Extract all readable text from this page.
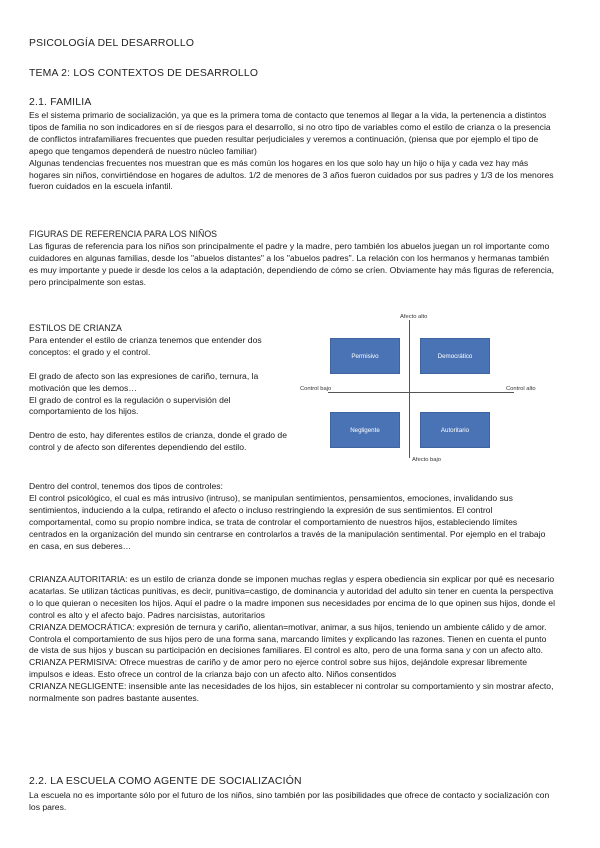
PSICOLOGÍA DEL DESARROLLO
TEMA 2: LOS CONTEXTOS DE DESARROLLO
2.1. FAMILIA

Es el sistema primario de socialización, ya que es la primera toma de contacto que tenemos al llegar a la vida, la pertenencia a distintos tipos de familia no son indicadores en sí de riesgos para el desarrollo, si no otro tipo de variables como el estilo de crianza o la presencia de conflictos intrafamiliares frecuentes que pueden resultar perjudiciales y veremos a continuación, (piensa que por ejemplo el tipo de apego que tengamos dependerá de nuestro núcleo familiar)

Algunas tendencias frecuentes nos muestran que es más común los hogares en los que solo hay un hijo o hija y cada vez hay más hogares sin niños, convirtiéndose en hogares de adultos. 1/2 de menores de 3 años fueron cuidados por sus padres y 1/3 de los menores fueron cuidados en la escuela infantil.

FIGURAS DE REFERENCIA PARA LOS NIÑOS
Las figuras de referencia para los niños son principalmente el padre y la madre, pero también los abuelos juegan un rol importante como cuidadores en algunas familias, desde los "abuelos distantes" a los "abuelos padres". La relación con los hermanos y hermanas también es muy importante y puede ir desde los celos a la adaptación, dependiendo de cómo se críen. Obviamente hay más figuras de referencia, pero principalmente son estas.
ESTILOS DE CRIANZA

Para entender el estilo de crianza tenemos que entender dos conceptos: el grado y el control.

El grado de afecto son las expresiones de cariño, ternura, la motivación que les demos…

El grado de control es la regulación o supervisión del comportamiento de los hijos.

Dentro de esto, hay diferentes estilos de crianza, donde el grado de control y de afecto son diferentes dependiendo del estilo.

Dentro del control, tenemos dos tipos de controles:

El control psicológico, el cual es más intrusivo (intruso), se manipulan sentimientos, pensamientos, emociones, invalidando sus sentimientos, induciendo a la culpa, retirando el afecto o incluso restringiendo la expresión de sus sentimientos. El control comportamental, como su propio nombre indica, se trata de controlar el comportamiento de nuestros hijos, estableciendo límites centrados en la organización del mundo sin centrarse en controlarlos a través de la manipulación sentimental. Por ejemplo en el trabajo en casa, en sus deberes…

Afecto alto
Afecto bajo
Control bajo	Control alto
Permisivo	Democrático
Negligente	Autoritario

CRIANZA AUTORITARIA: es un estilo de crianza donde se imponen muchas reglas y espera obediencia sin explicar por qué es necesario acatarlas. Se utilizan tácticas punitivas, es decir, punitiva=castigo, de dominancia y autoridad del adulto sin tener en cuenta la perspectiva o lo que quieran o necesiten los hijos. Aquí el padre o la madre imponen sus necesidades por encima de lo que opinen sus hijos, donde el control es alto y el afecto bajo. Padres narcisistas, autoritarios

CRIANZA DEMOCRÁTICA: expresión de ternura y cariño, alientan=motivar, animar, a sus hijos, teniendo un ambiente cálido y de amor. Controla el comportamiento de sus hijos pero de una forma sana, marcando límites y explicando las razones. Tienen en cuenta el punto de vista de sus hijos y buscan su participación en decisiones familiares. El control es alto, pero de una forma sana y con un afecto alto.

CRIANZA PERMISIVA: Ofrece muestras de cariño y de amor pero no ejerce control sobre sus hijos, dejándole expresar libremente impulsos e ideas. Esto ofrece un control de la crianza bajo con un afecto alto. Niños consentidos

CRIANZA NEGLIGENTE: insensible ante las necesidades de los hijos, sin establecer ni controlar su comportamiento y sin mostrar afecto, normalmente son padres bastante ausentes.

2.2. LA ESCUELA COMO AGENTE DE SOCIALIZACIÓN
La escuela no es importante sólo por el futuro de los niños, sino también por las posibilidades que ofrece de contacto y socialización con los pares.
